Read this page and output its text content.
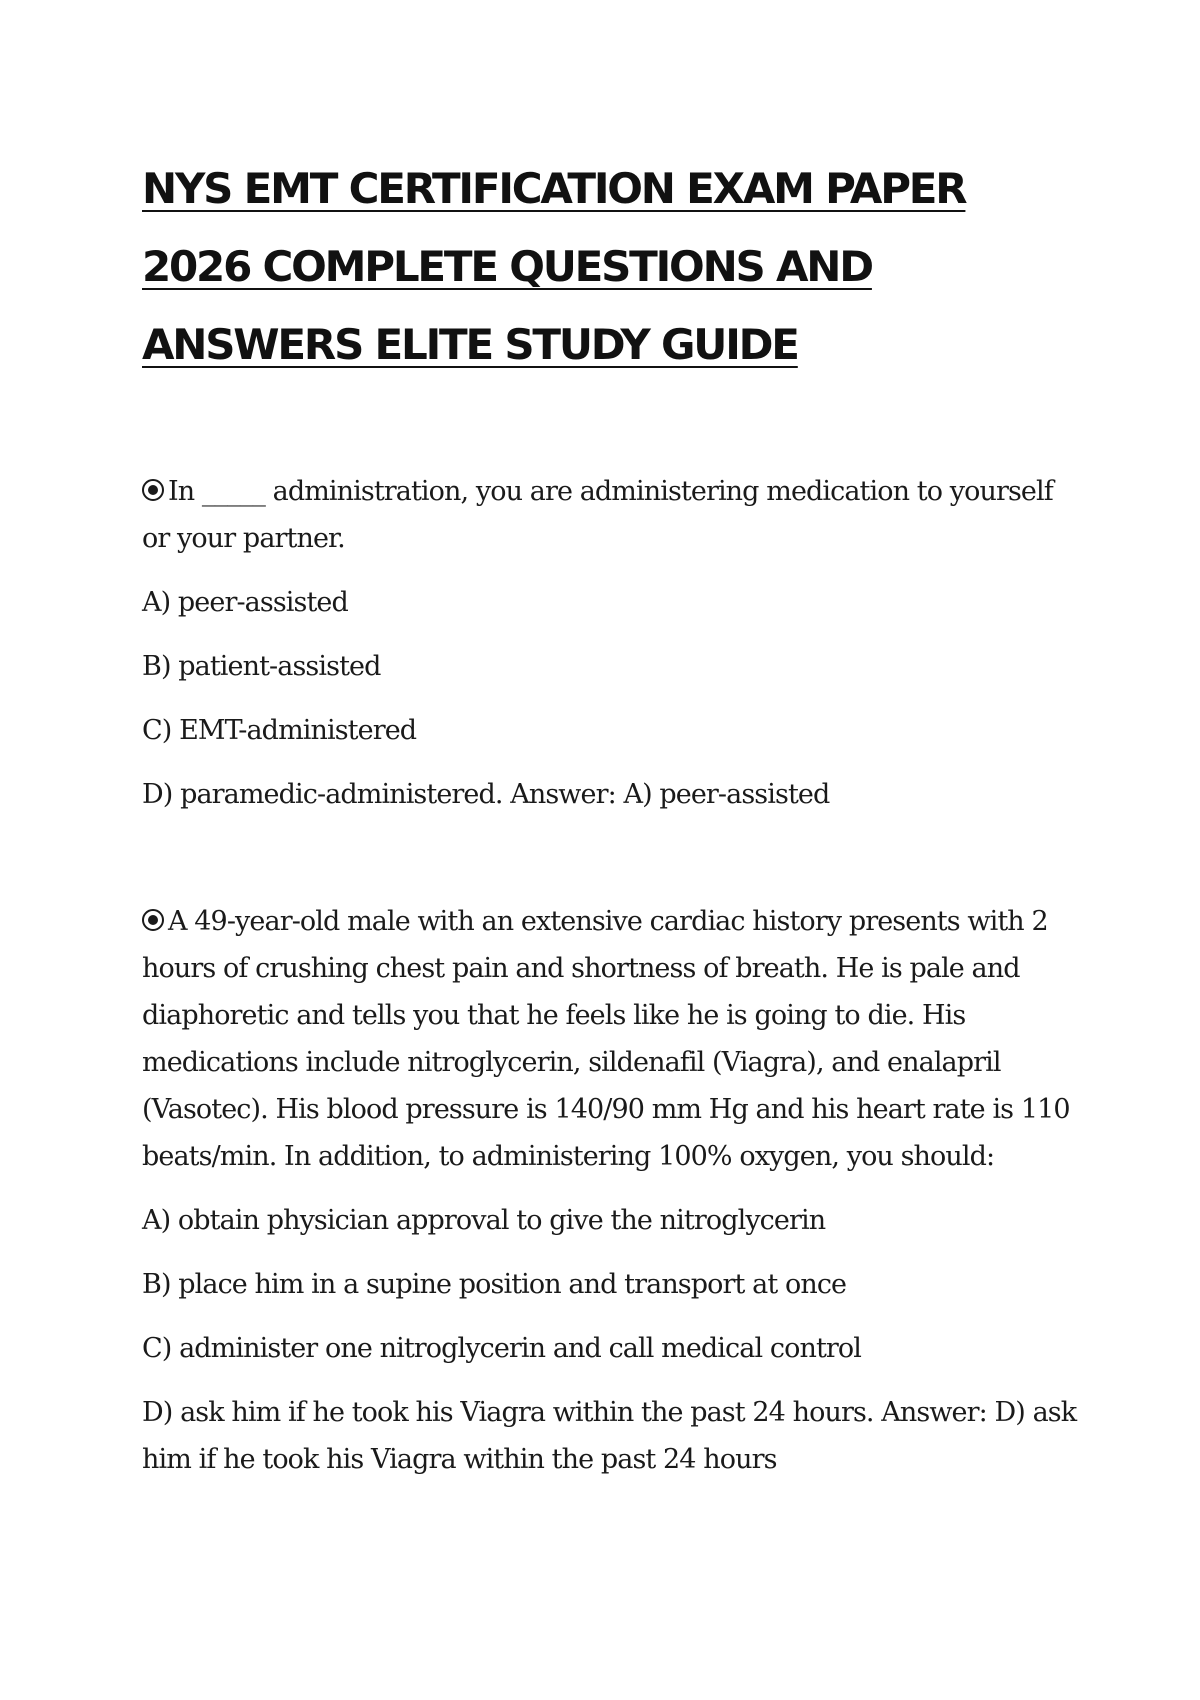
NYS EMT CERTIFICATION EXAM PAPER
2026 COMPLETE QUESTIONS AND
ANSWERS ELITE STUDY GUIDE

In _____ administration, you are administering medication to yourself or your partner.

A) peer-assisted

B) patient-assisted

C) EMT-administered

D) paramedic-administered. Answer: A) peer-assisted

A 49-year-old male with an extensive cardiac history presents with 2 hours of crushing chest pain and shortness of breath. He is pale and diaphoretic and tells you that he feels like he is going to die. His medications include nitroglycerin, sildenafil (Viagra), and enalapril (Vasotec). His blood pressure is 140/90 mm Hg and his heart rate is 110 beats/min. In addition, to administering 100% oxygen, you should:

A) obtain physician approval to give the nitroglycerin

B) place him in a supine position and transport at once

C) administer one nitroglycerin and call medical control

D) ask him if he took his Viagra within the past 24 hours. Answer: D) ask him if he took his Viagra within the past 24 hours
